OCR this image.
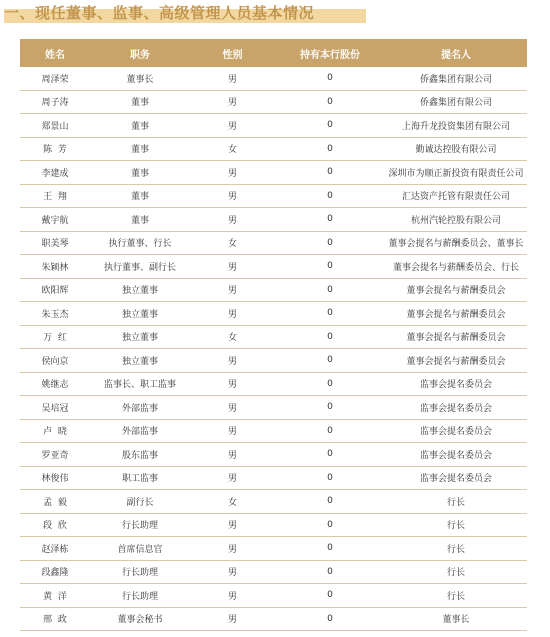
一、现任董事、监事、高级管理人员基本情况
姓名	职务	性别	持有本行股份	提名人
周泽荣	董事长	男	0	侨鑫集团有限公司
周子涛	董事	男	0	侨鑫集团有限公司
郑景山	董事	男	0	上海升龙投资集团有限公司
陈  芳	董事	女	0	勤诚达控股有限公司
李建成	董事	男	0	深圳市为顺正新投资有限责任公司
王  翔	董事	男	0	汇达资产托管有限责任公司
戴宇航	董事	男	0	杭州汽轮控股有限公司
职美琴	执行董事、行长	女	0	董事会提名与薪酬委员会、董事长
朱颖林	执行董事、副行长	男	0	董事会提名与薪酬委员会、行长
欧阳辉	独立董事	男	0	董事会提名与薪酬委员会
朱玉杰	独立董事	男	0	董事会提名与薪酬委员会
万  红	独立董事	女	0	董事会提名与薪酬委员会
侯向京	独立董事	男	0	董事会提名与薪酬委员会
姚继志	监事长、职工监事	男	0	监事会提名委员会
吴培冠	外部监事	男	0	监事会提名委员会
卢  晓	外部监事	男	0	监事会提名委员会
罗亚奇	股东监事	男	0	监事会提名委员会
林俊伟	职工监事	男	0	监事会提名委员会
孟  毅	副行长	女	0	行长
段  欣	行长助理	男	0	行长
赵泽栋	首席信息官	男	0	行长
段鑫隆	行长助理	男	0	行长
黄  洋	行长助理	男	0	行长
邢  政	董事会秘书	男	0	董事长
